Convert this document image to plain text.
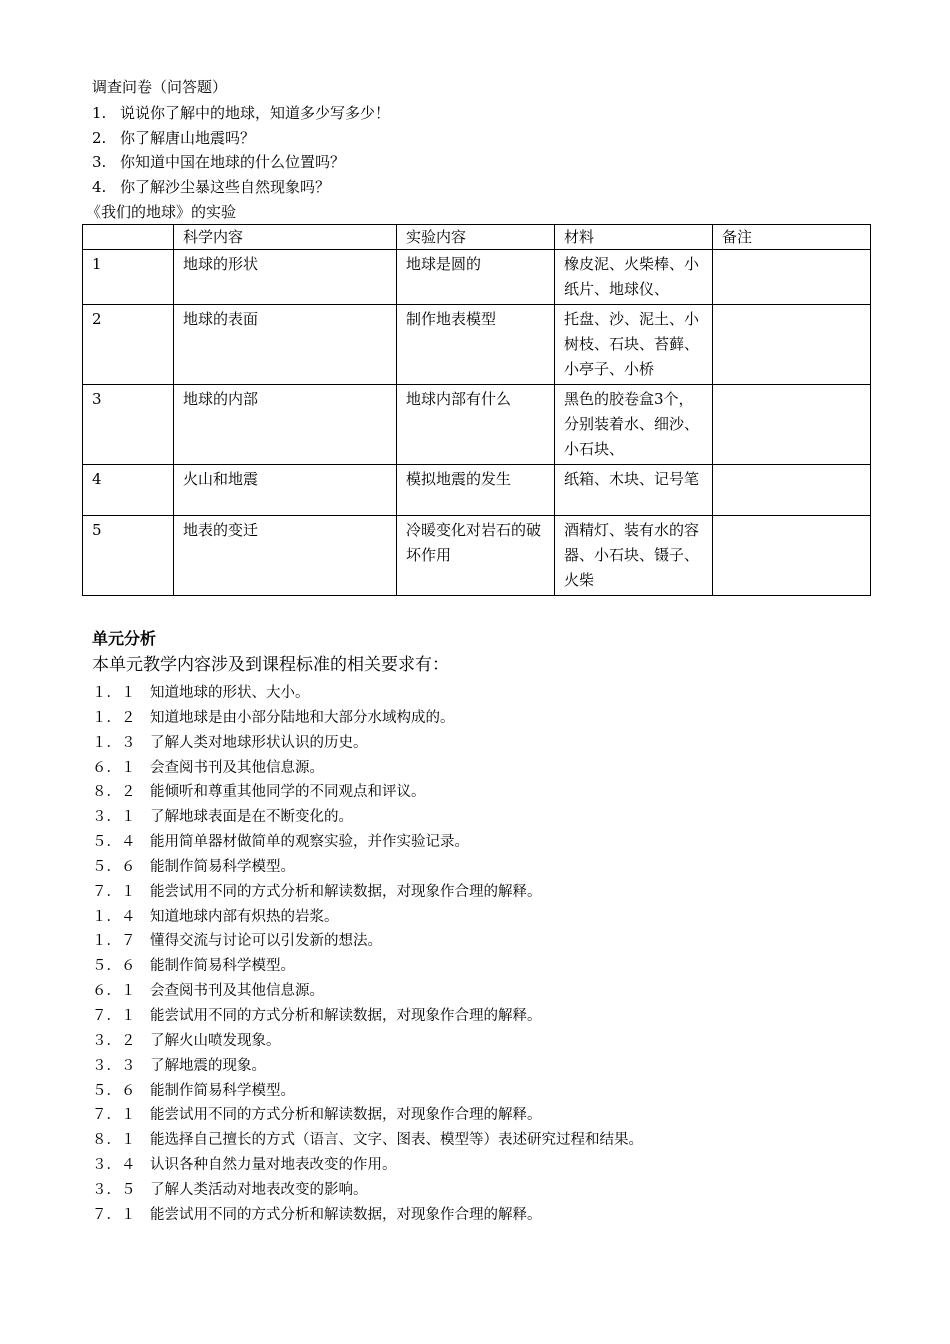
调查问卷（问答题）
1. 说说你了解中的地球，知道多少写多少！
2. 你了解唐山地震吗？
3. 你知道中国在地球的什么位置吗？
4. 你了解沙尘暴这些自然现象吗？
《我们的地球》的实验
	科学内容	实验内容	材料	备注
1	地球的形状	地球是圆的	橡皮泥、火柴棒、小纸片、地球仪、	
2	地球的表面	制作地表模型	托盘、沙、泥土、小树枝、石块、苔藓、小亭子、小桥	
3	地球的内部	地球内部有什么	黑色的胶卷盒3个，分别装着水、细沙、小石块、	
4	火山和地震	模拟地震的发生	纸箱、木块、记号笔	
5	地表的变迁	冷暖变化对岩石的破坏作用	酒精灯、装有水的容器、小石块、镊子、火柴	
单元分析
本单元教学内容涉及到课程标准的相关要求有：
１．１ 知道地球的形状、大小。
１．２ 知道地球是由小部分陆地和大部分水域构成的。
１．３ 了解人类对地球形状认识的历史。
６．１ 会查阅书刊及其他信息源。
８．２ 能倾听和尊重其他同学的不同观点和评议。
３．１ 了解地球表面是在不断变化的。
５．４ 能用简单器材做简单的观察实验，并作实验记录。
５．６ 能制作简易科学模型。
７．１ 能尝试用不同的方式分析和解读数据，对现象作合理的解释。
１．４ 知道地球内部有炽热的岩浆。
１．７ 懂得交流与讨论可以引发新的想法。
５．６ 能制作简易科学模型。
６．１ 会查阅书刊及其他信息源。
７．１ 能尝试用不同的方式分析和解读数据，对现象作合理的解释。
３．２ 了解火山喷发现象。
３．３ 了解地震的现象。
５．６ 能制作简易科学模型。
７．１ 能尝试用不同的方式分析和解读数据，对现象作合理的解释。
８．１ 能选择自己擅长的方式（语言、文字、图表、模型等）表述研究过程和结果。
３．４ 认识各种自然力量对地表改变的作用。
３．５ 了解人类活动对地表改变的影响。
７．１ 能尝试用不同的方式分析和解读数据，对现象作合理的解释。
